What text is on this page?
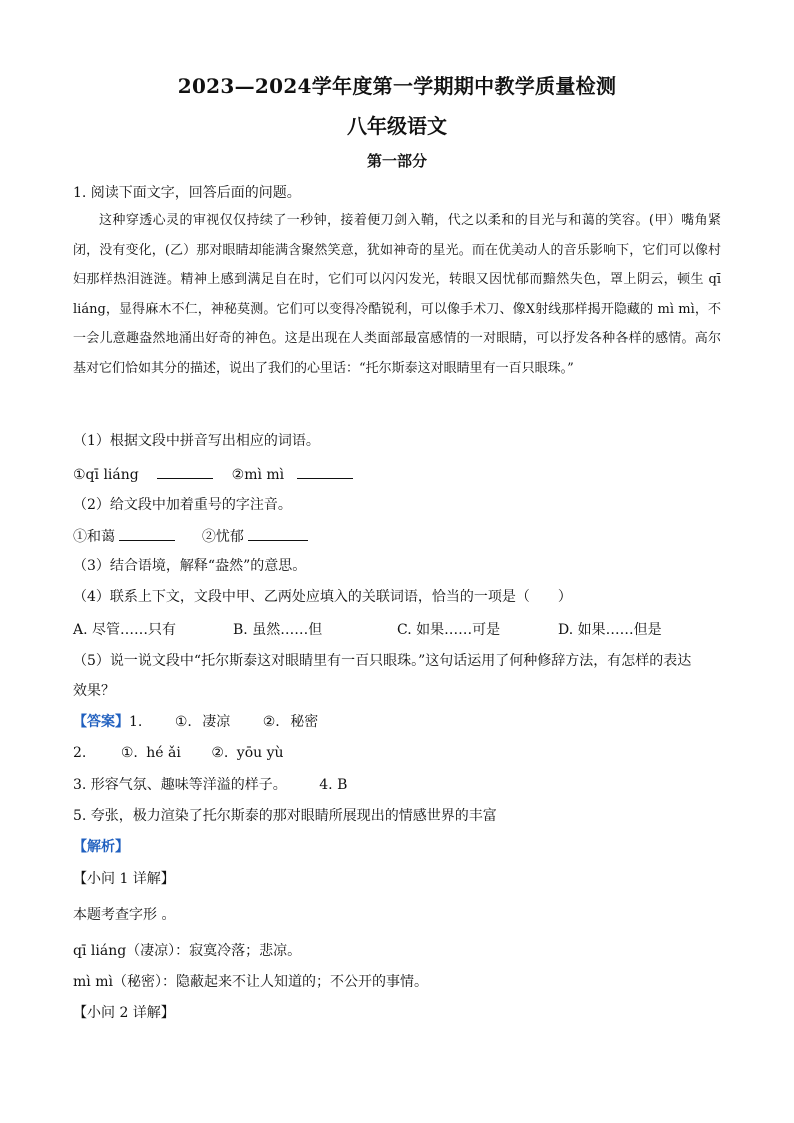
2023—2024学年度第一学期期中教学质量检测
八年级语文
第一部分
1. 阅读下面文字，回答后面的问题。
这种穿透心灵的审视仅仅持续了一秒钟，接着便刀剑入鞘，代之以柔和的目光与和蔼的笑容。(甲）嘴角紧闭，没有变化，(乙）那对眼睛却能满含聚然笑意，犹如神奇的星光。而在优美动人的音乐影响下，它们可以像村妇那样热泪涟涟。精神上感到满足自在时，它们可以闪闪发光，转眼又因忧郁而黯然失色，罩上阴云，顿生 qī liáng，显得麻木不仁，神秘莫测。它们可以变得冷酷锐利，可以像手术刀、像X射线那样揭开隐藏的 mì mì，不一会儿意趣盎然地涌出好奇的神色。这是出现在人类面部最富感情的一对眼睛，可以抒发各种各样的感情。高尔基对它们恰如其分的描述，说出了我们的心里话：“托尔斯泰这对眼睛里有一百只眼珠。”
（1）根据文段中拼音写出相应的词语。
①qī liáng	②mì mì
（2）给文段中加着重号的字注音。
①和蔼	②忧郁
（3）结合语境，解释“盎然”的意思。
（4）联系上下文，文段中甲、乙两处应填入的关联词语，恰当的一项是（　　）
A. 尽管……只有	B. 虽然……但	C. 如果……可是	D. 如果……但是
（5）说一说文段中“托尔斯泰这对眼睛里有一百只眼珠。”这句话运用了何种修辞方法，有怎样的表达
效果？
【答案】1. ①. 凄凉 ②. 秘密
2. ①. hé ǎi ②. yōu yù
3. 形容气氛、趣味等洋溢的样子。 4. B
5. 夸张，极力渲染了托尔斯泰的那对眼睛所展现出的情感世界的丰富
【解析】
【小问 1 详解】
本题考查字形 。
qī liáng（凄凉）：寂寞冷落；悲凉。
mì mì（秘密）：隐蔽起来不让人知道的；不公开的事情。
【小问 2 详解】
